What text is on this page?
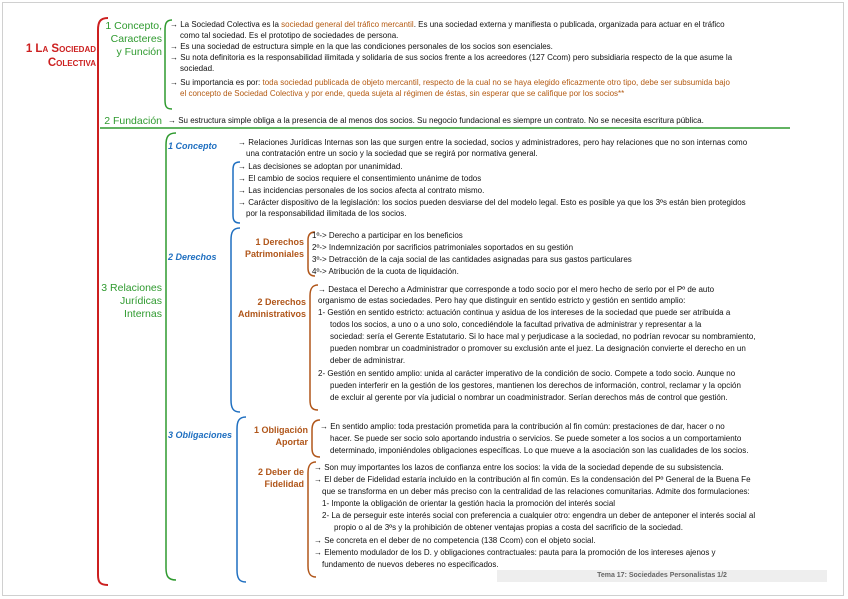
1 La Sociedad
Colectiva
1 Concepto,
Caracteres
y Función
→ La Sociedad Colectiva es la sociedad general del tráfico mercantil. Es una sociedad externa y manifiesta o publicada, organizada para actuar en el tráfico
como tal sociedad. Es el prototipo de sociedades de persona.
→ Es una sociedad de estructura simple en la que las condiciones personales de los socios son esenciales.
→ Su nota definitoria es la responsabilidad ilimitada y solidaria de sus socios frente a los acreedores (127 Ccom) pero subsidiaria respecto de la que asume la
sociedad.
→ Su importancia es por: toda sociedad publicada de objeto mercantil, respecto de la cual no se haya elegido eficazmente otro tipo, debe ser subsumida bajo
el concepto de Sociedad Colectiva y por ende, queda sujeta al régimen de éstas, sin esperar que se califique por los socios**
2 Fundación → Su estructura simple obliga a la presencia de al menos dos socios. Su negocio fundacional es siempre un contrato. No se necesita escritura pública.
3 Relaciones
Jurídicas
Internas
1 Concepto	→ Relaciones Jurídicas Internas son las que surgen entre la sociedad, socios y administradores, pero hay relaciones que no son internas como
una contratación entre un socio y la sociedad que se regirá por normativa general.
→ Las decisiones se adoptan por unanimidad.
→ El cambio de socios requiere el consentimiento unánime de todos
→ Las incidencias personales de los socios afecta al contrato mismo.
→ Carácter dispositivo de la legislación: los socios pueden desviarse del del modelo legal. Esto es posible ya que los 3ºs están bien protegidos
por la responsabilidad ilimitada de los socios.
2 Derechos
1 Derechos
Patrimoniales
1º-> Derecho a participar en los beneficios
2º-> Indemnización por sacrificios patrimoniales soportados en su gestión
3º-> Detracción de la caja social de las cantidades asignadas para sus gastos particulares
4º-> Atribución de la cuota de liquidación.
2 Derechos
Administrativos
→ Destaca el Derecho a Administrar que corresponde a todo socio por el mero hecho de serlo por el Pº de auto
organismo de estas sociedades. Pero hay que distinguir en sentido estricto y gestión en sentido amplio:
1- Gestión en sentido estricto: actuación continua y asidua de los intereses de la sociedad que puede ser atribuida a
todos los socios, a uno o a uno solo, concediéndole la facultad privativa de administrar y representar a la
sociedad: sería el Gerente Estatutario. Si lo hace mal y perjudicase a la sociedad, no podrían revocar su nombramiento,
pueden nombrar un coadministrador o promover su exclusión ante el juez. La designación convierte el derecho en un
deber de administrar.
2- Gestión en sentido amplio: unida al carácter imperativo de la condición de socio. Compete a todo socio. Aunque no
pueden interferir en la gestión de los gestores, mantienen los derechos de información, control, reclamar y la opción
de excluir al gerente por vía judicial o nombrar un coadministrador. Serían derechos más de control que gestión.
3 Obligaciones	1 Obligación
Aportar
→ En sentido amplio: toda prestación prometida para la contribución al fin común: prestaciones de dar, hacer o no
hacer. Se puede ser socio solo aportando industria o servicios. Se puede someter a los socios a un comportamiento
determinado, imponiéndoles obligaciones específicas. Lo que mueve a la asociación son las cualidades de los socios.
2 Deber de
Fidelidad
→ Son muy importantes los lazos de confianza entre los socios: la vida de la sociedad depende de su subsistencia.
→ El deber de Fidelidad estaría incluido en la contribución al fin común. Es la condensación del Pº General de la Buena Fe
que se transforma en un deber más preciso con la centralidad de las relaciones comunitarias. Admite dos formulaciones:
1- Imponte la obligación de orientar la gestión hacia la promoción del interés social
2- La de perseguir este interés social con preferencia a cualquier otro: engendra un deber de anteponer el interés social al
propio o al de 3ºs y la prohibición de obtener ventajas propias a costa del sacrificio de la sociedad.
→ Se concreta en el deber de no competencia (138 Ccom) con el objeto social.
→ Elemento modulador de los D. y obligaciones contractuales: pauta para la promoción de los intereses ajenos y
fundamento de nuevos deberes no especificados.
Tema 17: Sociedades Personalistas 1/2
